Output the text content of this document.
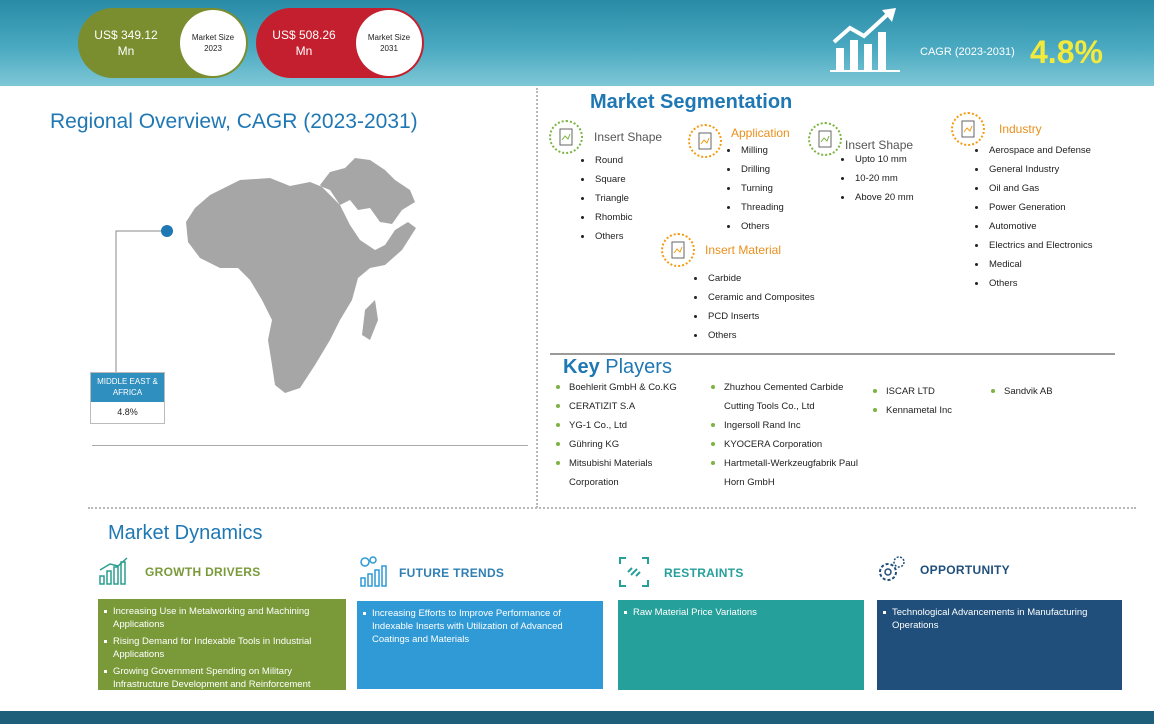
US$ 349.12
Mn
Market Size
2023
US$ 508.26
Mn
Market Size
2031	CAGR (2023-2031) 4.8%
Regional Overview, CAGR (2023-2031)
MIDDLE EAST & AFRICA
4.8%
Market Segmentation
Insert Shape
Round
Square
Triangle
Rhombic
Others
Application
Milling
Drilling
Turning
Threading
Others
Insert Shape
Upto 10 mm
10-20 mm
Above 20 mm
Industry
Aerospace and Defense
General Industry
Oil and Gas
Power Generation
Automotive
Electrics and Electronics
Medical
Others
Insert Material
Carbide
Ceramic and Composites
PCD Inserts
Others
Key Players
Boehlerit GmbH & Co.KG
CERATIZIT S.A
YG-1 Co., Ltd
Gühring KG
Mitsubishi Materials Corporation
Zhuzhou Cemented Carbide Cutting Tools Co., Ltd
Ingersoll Rand Inc
KYOCERA Corporation
Hartmetall-Werkzeugfabrik Paul Horn GmbH
ISCAR LTD
Kennametal Inc
Sandvik AB
Market Dynamics
GROWTH DRIVERS
Increasing Use in Metalworking and Machining Applications
Rising Demand for Indexable Tools in Industrial Applications
Growing Government Spending on Military Infrastructure Development and Reinforcement
FUTURE TRENDS
Increasing Efforts to Improve Performance of Indexable Inserts with Utilization of Advanced Coatings and Materials
RESTRAINTS
Raw Material Price Variations
OPPORTUNITY
Technological Advancements in Manufacturing Operations
